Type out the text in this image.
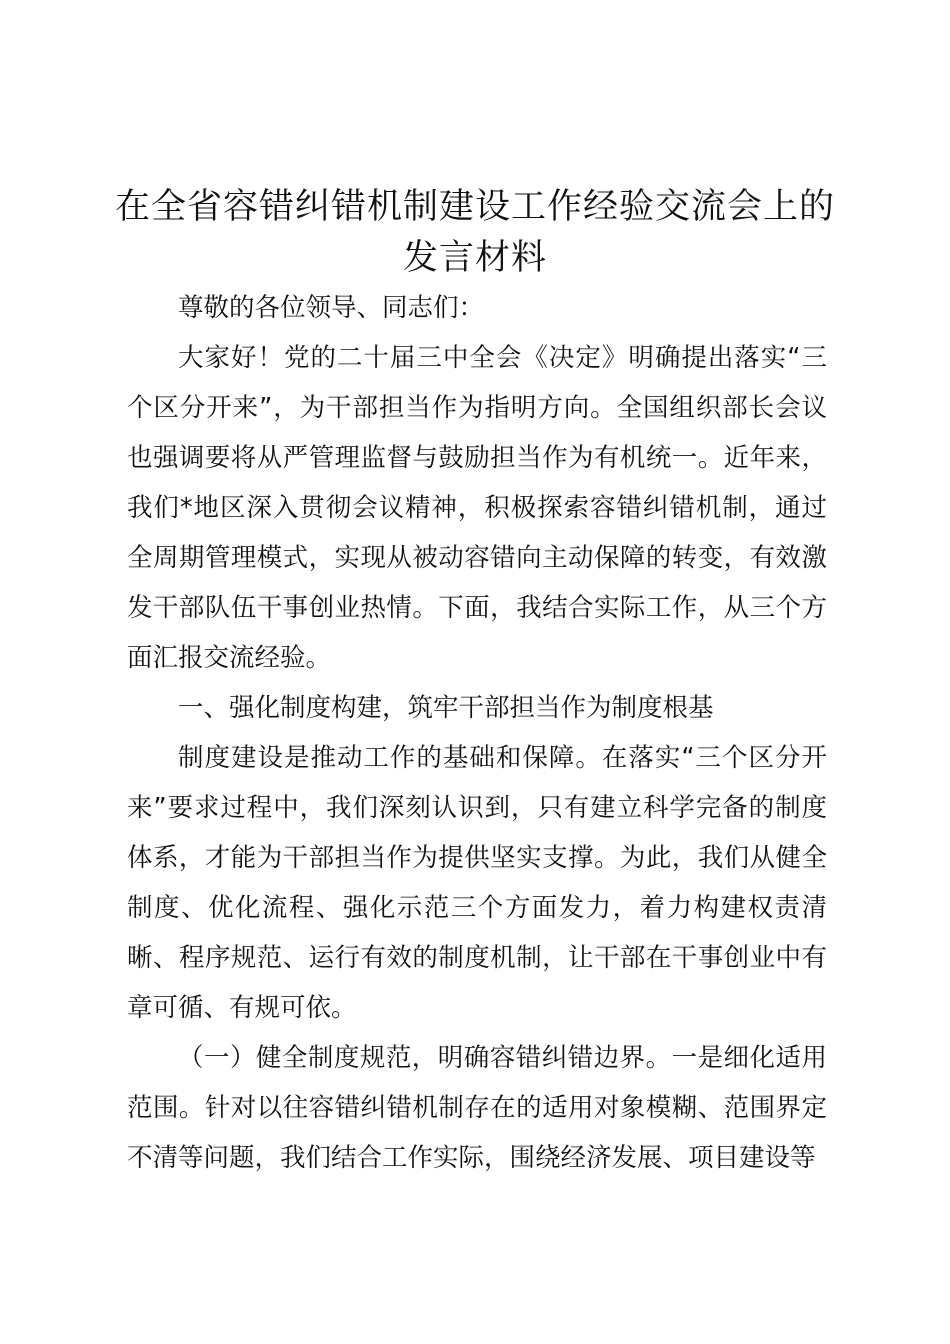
在全省容错纠错机制建设工作经验交流会上的
发言材料

尊敬的各位领导、同志们：

大家好！党的二十届三中全会《决定》明确提出落实“三个区分开来”，为干部担当作为指明方向。全国组织部长会议也强调要将从严管理监督与鼓励担当作为有机统一。近年来，我们*地区深入贯彻会议精神，积极探索容错纠错机制，通过全周期管理模式，实现从被动容错向主动保障的转变，有效激发干部队伍干事创业热情。下面，我结合实际工作，从三个方面汇报交流经验。

一、强化制度构建，筑牢干部担当作为制度根基

制度建设是推动工作的基础和保障。在落实“三个区分开来”要求过程中，我们深刻认识到，只有建立科学完备的制度体系，才能为干部担当作为提供坚实支撑。为此，我们从健全制度、优化流程、强化示范三个方面发力，着力构建权责清晰、程序规范、运行有效的制度机制，让干部在干事创业中有章可循、有规可依。

（一）健全制度规范，明确容错纠错边界。一是细化适用范围。针对以往容错纠错机制存在的适用对象模糊、范围界定不清等问题，我们结合工作实际，围绕经济发展、项目建设等
